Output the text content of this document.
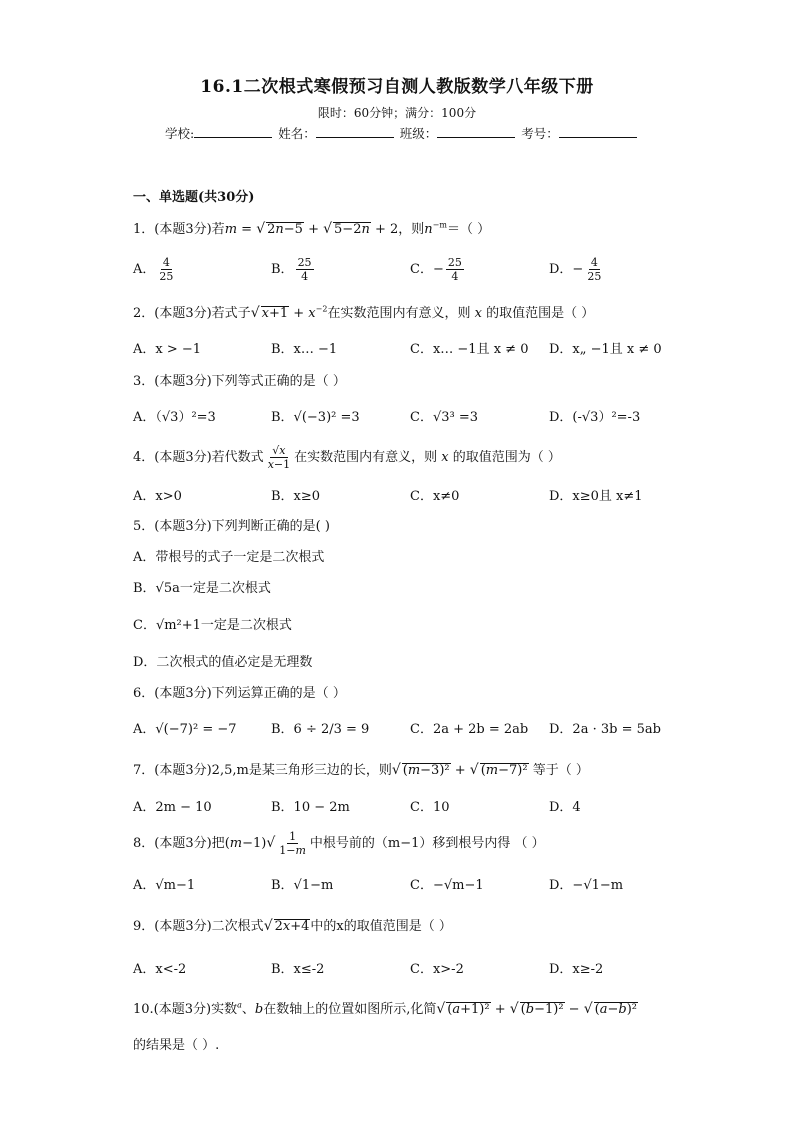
16.1二次根式寒假预习自测人教版数学八年级下册
限时：60分钟；满分：100分
学校:	姓名：	班级：	考号：
一、单选题(共30分)
1．(本题3分)若m = √ 2n−5 + √ 5−2n + 2，则$n^{-m}=$（ ）
A． $\frac{4}{25}$	B． $\frac{25}{4}$	C．− $\frac{25}{4}$	D．− $\frac{4}{25}$
2．(本题3分)若式子√ $x+1 + x^{-2}$在实数范围内有意义，则 x 的取值范围是（ ）
A．x > −1	B．x… −1	C．x… −1且 x ≠ 0 D．x„ −1且 x ≠ 0
3．(本题3分)下列等式正确的是（ ）
A．（√3）²=3	B．√(−3)² =3	C．√3³ =3	D．(-√3）²=-3
4．(本题3分)若代数式 $\frac{√x}{x-1}$ 在实数范围内有意义，则 x 的取值范围为（ ）
A．x>0	B．x≥0	C．x≠0	D．x≥0且 x≠1
5．(本题3分)下列判断正确的是( )
A．带根号的式子一定是二次根式
B．√5a一定是二次根式
C．√m²+1一定是二次根式
D．二次根式的值必定是无理数
6．(本题3分)下列运算正确的是（ ）
A．√(−7)² = −7	B．6 ÷ 2/3 = 9	C．2a + 2b = 2ab D．2a · 3b = 5ab
7．(本题3分)2,5,m是某三角形三边的长，则√ (m−3)² + √ (m−7)² 等于（ ）
A．2m − 10	B．10 − 2m	C．10	D．4
8．(本题3分)把$(m-1)√ \frac{1}{1-m}$ 中根号前的（m−1）移到根号内得 （ ）
A．√m−1	B．√1−m	C．−√m−1	D．−√1−m
9．(本题3分)二次根式√ 2x+4中的x的取值范围是（ ）
A．x<-2	B．x≤-2	C．x>-2	D．x≥-2
10.(本题3分)实数$^a$、b在数轴上的位置如图所示,化简√ (a+1)² + √ (b−1)² − √ (a−b)²
的结果是（ ）.
